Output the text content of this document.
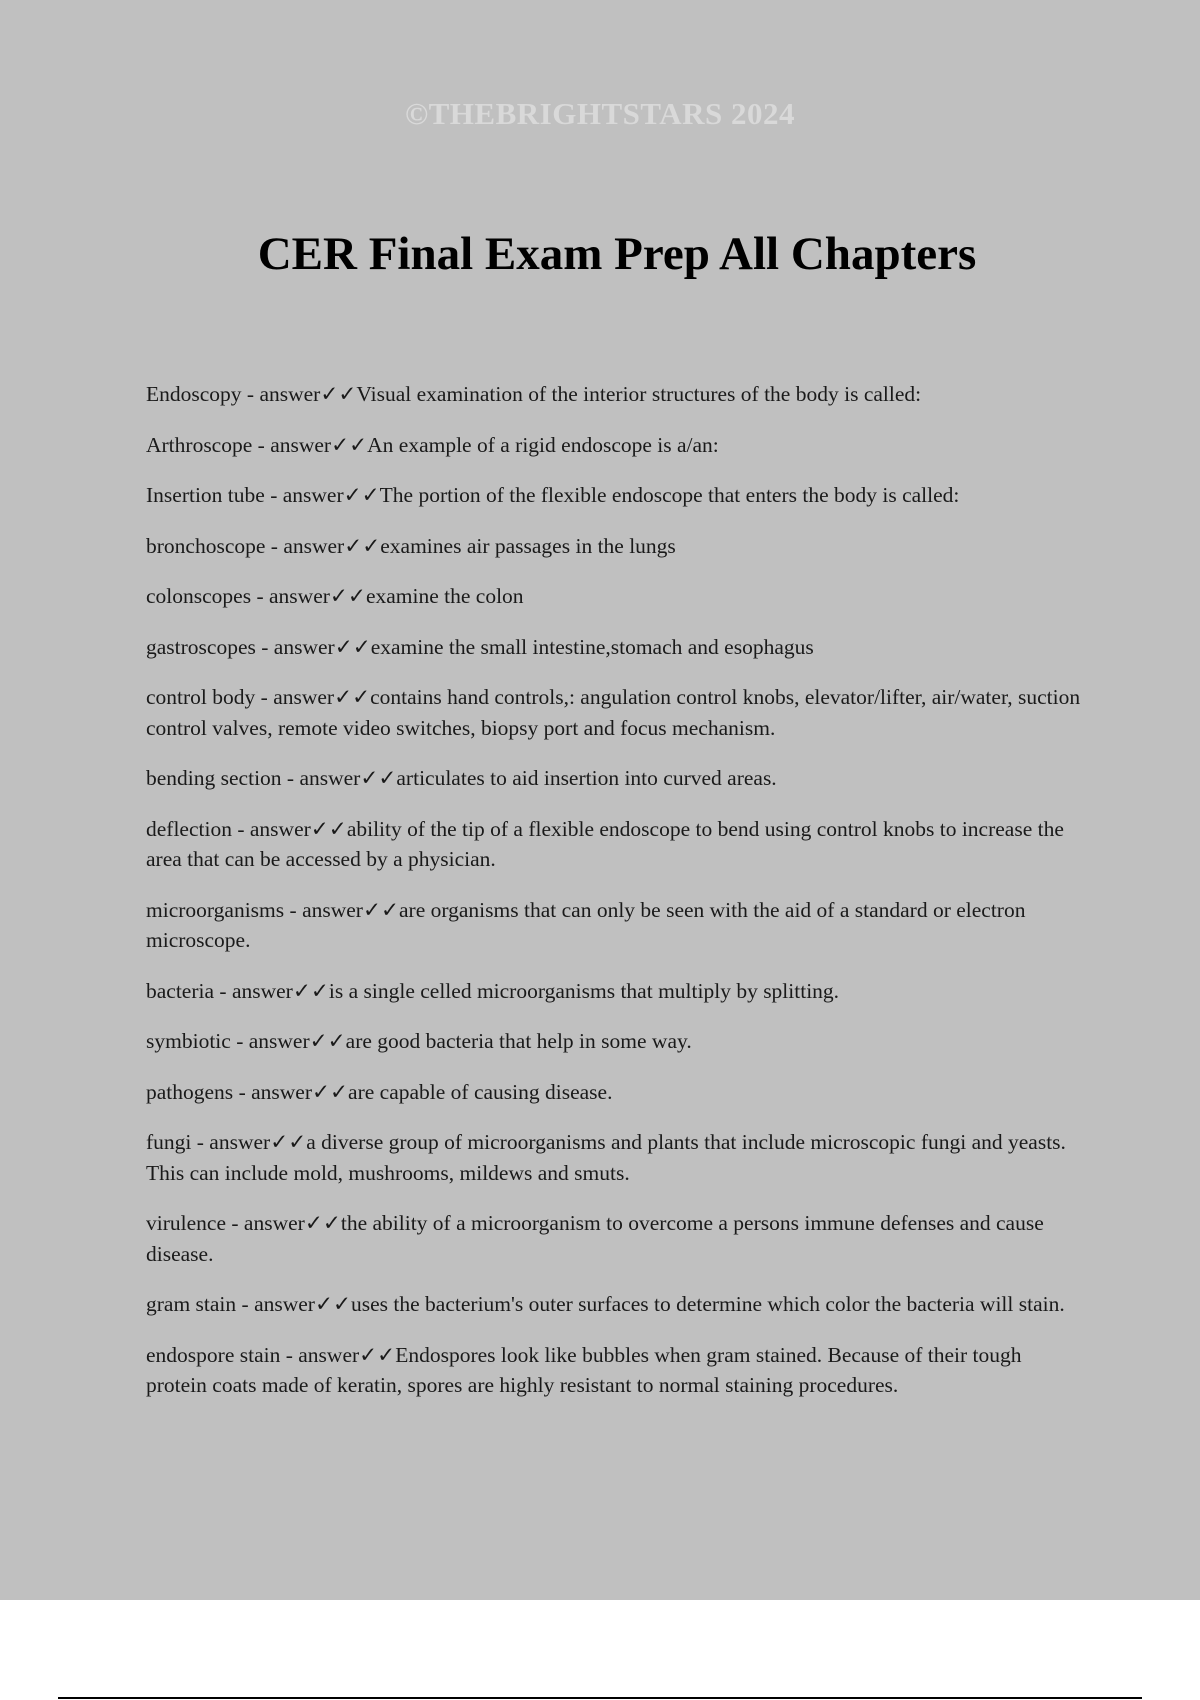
©THEBRIGHTSTARS 2024
CER Final Exam Prep All Chapters
Endoscopy - answer✓✓Visual examination of the interior structures of the body is called:
Arthroscope - answer✓✓An example of a rigid endoscope is a/an:
Insertion tube - answer✓✓The portion of the flexible endoscope that enters the body is called:
bronchoscope - answer✓✓examines air passages in the lungs
colonscopes - answer✓✓examine the colon
gastroscopes - answer✓✓examine the small intestine,stomach and esophagus
control body - answer✓✓contains hand controls,: angulation control knobs, elevator/lifter, air/water, suction control valves, remote video switches, biopsy port and focus mechanism.
bending section - answer✓✓articulates to aid insertion into curved areas.
deflection - answer✓✓ability of the tip of a flexible endoscope to bend using control knobs to increase the area that can be accessed by a physician.
microorganisms - answer✓✓are organisms that can only be seen with the aid of a standard or electron microscope.
bacteria - answer✓✓is a single celled microorganisms that multiply by splitting.
symbiotic - answer✓✓are good bacteria that help in some way.
pathogens - answer✓✓are capable of causing disease.
fungi - answer✓✓a diverse group of microorganisms and plants that include microscopic fungi and yeasts. This can include mold, mushrooms, mildews and smuts.
virulence - answer✓✓the ability of a microorganism to overcome a persons immune defenses and cause disease.
gram stain - answer✓✓uses the bacterium's outer surfaces to determine which color the bacteria will stain.
endospore stain - answer✓✓Endospores look like bubbles when gram stained. Because of their tough protein coats made of keratin, spores are highly resistant to normal staining procedures.
